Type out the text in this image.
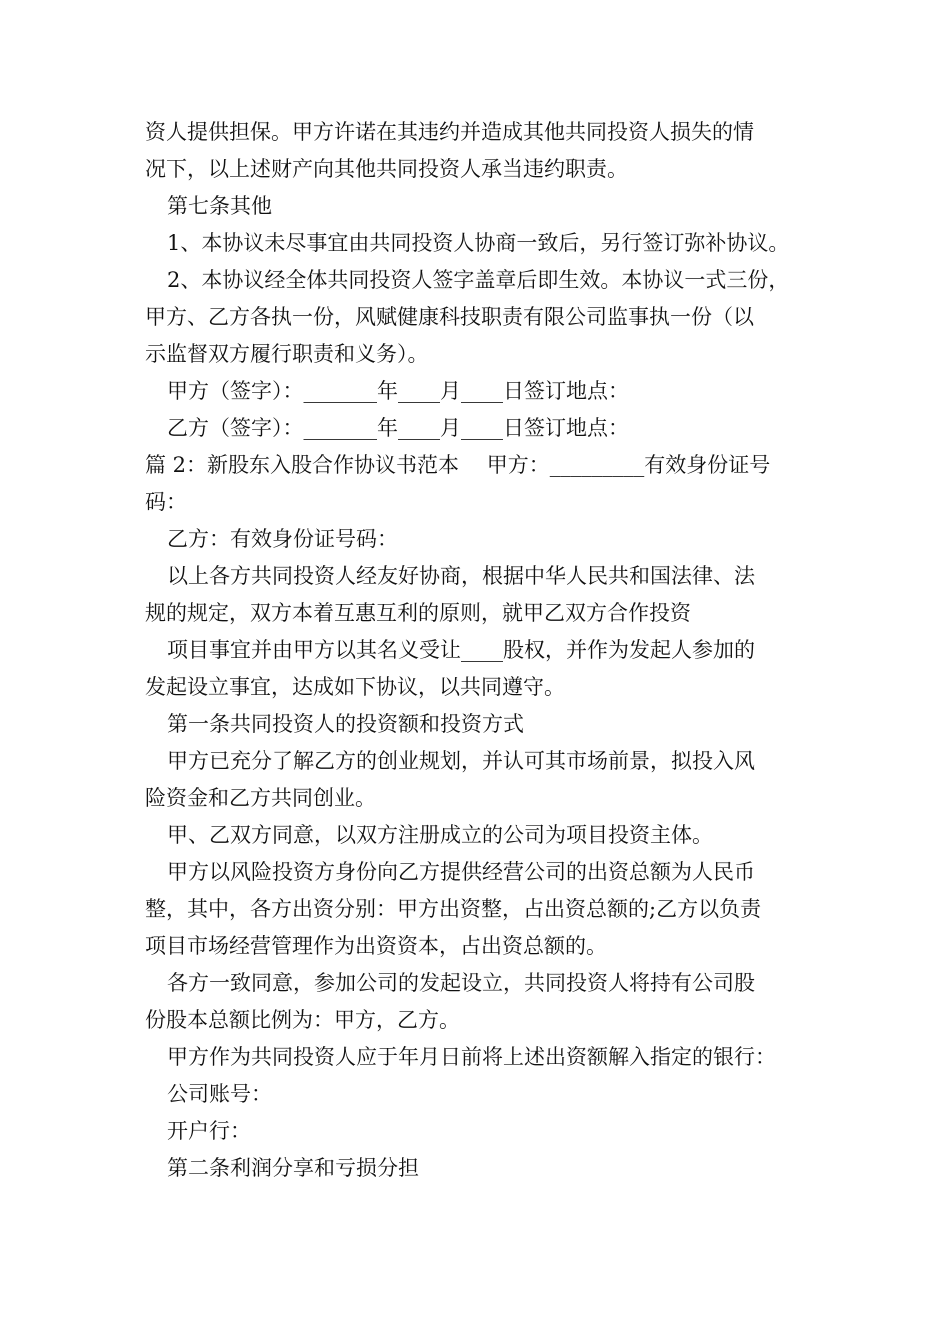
资人提供担保。甲方许诺在其违约并造成其他共同投资人损失的情
况下，以上述财产向其他共同投资人承当违约职责。
第七条其他
1、本协议未尽事宜由共同投资人协商一致后，另行签订弥补协议。
2、本协议经全体共同投资人签字盖章后即生效。本协议一式三份，
甲方、乙方各执一份，风赋健康科技职责有限公司监事执一份（以
示监督双方履行职责和义务）。
甲方（签字）：_______年____月____日签订地点：
乙方（签字）：_______年____月____日签订地点：
篇 2：新股东入股合作协议书范本　 甲方：_________有效身份证号
码：
乙方：有效身份证号码：
以上各方共同投资人经友好协商，根据中华人民共和国法律、法
规的规定，双方本着互惠互利的原则，就甲乙双方合作投资
项目事宜并由甲方以其名义受让____股权，并作为发起人参加的
发起设立事宜，达成如下协议，以共同遵守。
第一条共同投资人的投资额和投资方式
甲方已充分了解乙方的创业规划，并认可其市场前景，拟投入风
险资金和乙方共同创业。
甲、乙双方同意，以双方注册成立的公司为项目投资主体。
甲方以风险投资方身份向乙方提供经营公司的出资总额为人民币
整，其中，各方出资分别：甲方出资整，占出资总额的;乙方以负责
项目市场经营管理作为出资资本，占出资总额的。
各方一致同意，参加公司的发起设立，共同投资人将持有公司股
份股本总额比例为：甲方，乙方。
甲方作为共同投资人应于年月日前将上述出资额解入指定的银行：
公司账号：
开户行：
第二条利润分享和亏损分担
